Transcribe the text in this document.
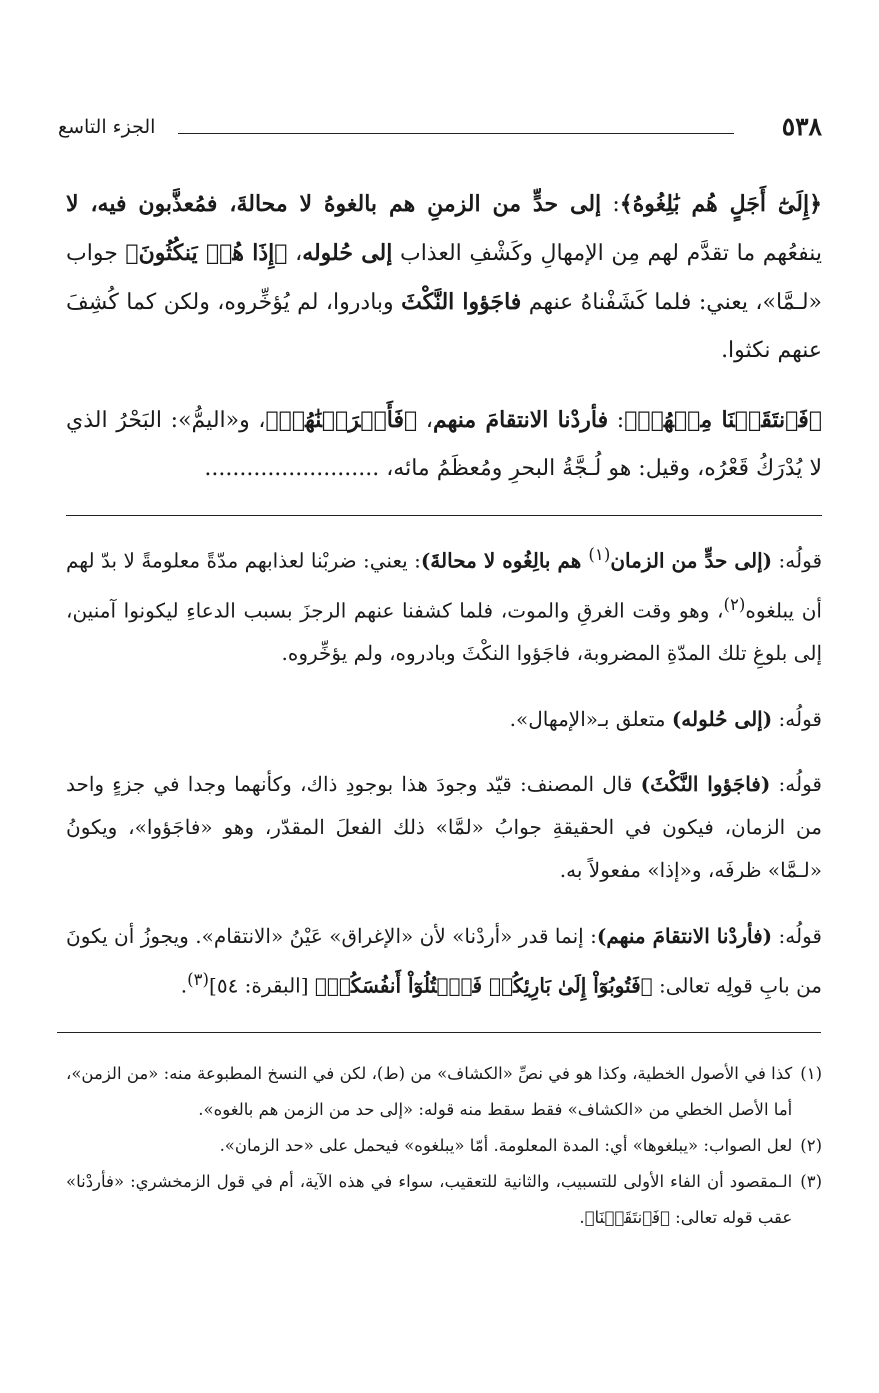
٥٣٨
الجزء التاسع

﴿إِلَىٰٓ أَجَلٍ هُم بَٰلِغُوهُ﴾: إلى حدٍّ من الزمنِ هم بالغوهُ لا محالةَ، فمُعذَّبون فيه، لا ينفعُهم ما تقدَّم لهم مِن الإمهالِ وكَشْفِ العذاب إلى حُلوله، ﴿إِذَا هُمۡ يَنكُثُونَ﴾ جواب «لـمَّا»، يعني: فلما كَشَفْناهُ عنهم فاجَؤوا النَّكْثَ وبادروا، لم يُؤخِّروه، ولكن كما كُشِفَ عنهم نكثوا.

﴿فَٱنتَقَمۡنَا مِنۡهُمۡ﴾: فأردْنا الانتقامَ منهم، ﴿فَأَغۡرَقۡنَٰهُمۡ﴾، و«اليمُّ»: البَحْرُ الذي لا يُدْرَكُ قَعْرُه، وقيل: هو لُـجَّةُ البحرِ ومُعظَمُ مائه، .........................

قولُه: (إلى حدٍّ من الزمان$^{(١)}$ هم بالِغُوه لا محالةَ): يعني: ضربْنا لعذابهم مدّةً معلومةً لا بدّ لهم أن يبلغوه$^{(٢)}$، وهو وقت الغرقِ والموت، فلما كشفنا عنهم الرجزَ بسبب الدعاءِ ليكونوا آمنين، إلى بلوغِ تلك المدّةِ المضروبة، فاجَؤوا النكْثَ وبادروه، ولم يؤخِّروه.

قولُه: (إلى حُلوله) متعلق بـ«الإمهال».

قولُه: (فاجَؤوا النَّكْثَ) قال المصنف: قيّد وجودَ هذا بوجودِ ذاك، وكأنهما وجدا في جزءٍ واحد من الزمان، فيكون في الحقيقةِ جوابُ «لمَّا» ذلك الفعلَ المقدّر، وهو «فاجَؤوا»، ويكونُ «لـمَّا» ظرفَه، و«إذا» مفعولاً به.

قولُه: (فأردْنا الانتقامَ منهم): إنما قدر «أردْنا» لأن «الإغراق» عَيْنُ «الانتقام». ويجوزُ أن يكونَ من بابِ قولِه تعالى: ﴿فَتُوبُوٓاْ إِلَىٰ بَارِئِكُمۡ فَٱقۡتُلُوٓاْ أَنفُسَكُمۡ﴾ [البقرة: ٥٤]$^{(٣)}$.

(١)
كذا في الأصول الخطية، وكذا هو في نصِّ «الكشاف» من (ط)، لكن في النسخ المطبوعة منه: «من الزمن»، أما الأصل الخطي من «الكشاف» فقط سقط منه قوله: «إلى حد من الزمن هم بالغوه».
(٢)
لعل الصواب: «يبلغوها» أي: المدة المعلومة. أمّا «يبلغوه» فيحمل على «حد الزمان».
(٣)
الـمقصود أن الفاء الأولى للتسبيب، والثانية للتعقيب، سواء في هذه الآية، أم في قول الزمخشري: «فأردْنا» عقب قوله تعالى: ﴿فَٱنتَقَمۡنَا﴾.
